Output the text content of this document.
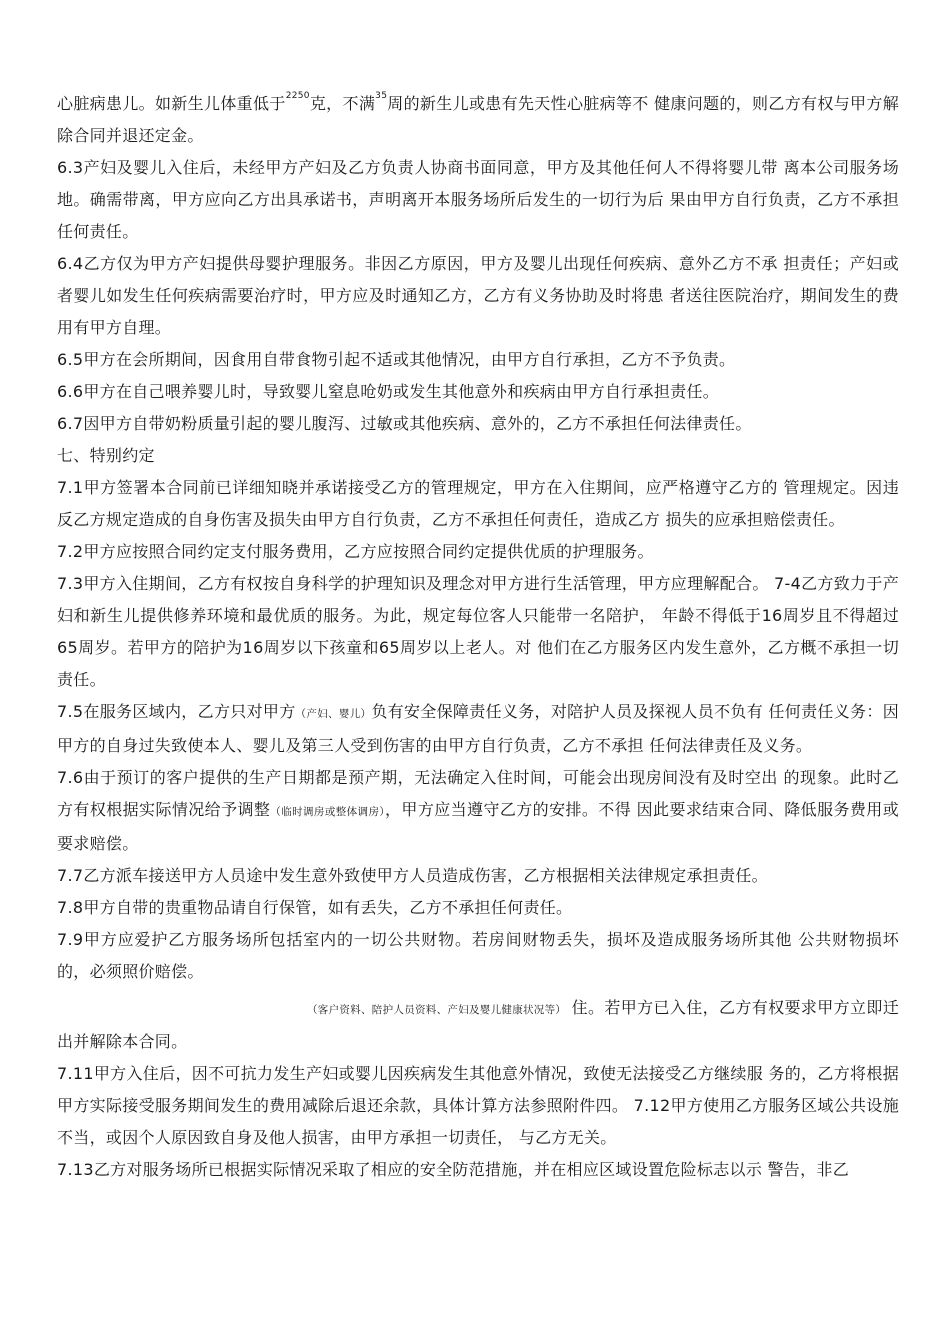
心脏病患儿。如新生儿体重低于$^{2250}$克，不满$^{35}$周的新生儿或患有先天性心脏病等不 健康问题的，则乙方有权与甲方解除合同并退还定金。

6.3产妇及婴儿入住后，未经甲方产妇及乙方负责人协商书面同意，甲方及其他任何人不得将婴儿带 离本公司服务场地。确需带离，甲方应向乙方出具承诺书，声明离开本服务场所后发生的一切行为后 果由甲方自行负责，乙方不承担任何责任。

6.4乙方仅为甲方产妇提供母婴护理服务。非因乙方原因，甲方及婴儿出现任何疾病、意外乙方不承 担责任；产妇或者婴儿如发生任何疾病需要治疗时，甲方应及时通知乙方，乙方有义务协助及时将患 者送往医院治疗，期间发生的费用有甲方自理。

6.5甲方在会所期间，因食用自带食物引起不适或其他情况，由甲方自行承担，乙方不予负责。

6.6甲方在自己喂养婴儿时，导致婴儿窒息呛奶或发生其他意外和疾病由甲方自行承担责任。

6.7因甲方自带奶粉质量引起的婴儿腹泻、过敏或其他疾病、意外的，乙方不承担任何法律责任。

七、特别约定

7.1甲方签署本合同前已详细知晓并承诺接受乙方的管理规定，甲方在入住期间，应严格遵守乙方的 管理规定。因违反乙方规定造成的自身伤害及损失由甲方自行负责，乙方不承担任何责任，造成乙方 损失的应承担赔偿责任。

7.2甲方应按照合同约定支付服务费用，乙方应按照合同约定提供优质的护理服务。

7.3甲方入住期间，乙方有权按自身科学的护理知识及理念对甲方进行生活管理，甲方应理解配合。 7-4乙方致力于产妇和新生儿提供修养环境和最优质的服务。为此，规定每位客人只能带一名陪护， 年龄不得低于16周岁且不得超过65周岁。若甲方的陪护为16周岁以下孩童和65周岁以上老人。对 他们在乙方服务区内发生意外，乙方概不承担一切责任。

7.5在服务区域内，乙方只对甲方（产妇、婴儿）负有安全保障责任义务，对陪护人员及探视人员不负有 任何责任义务：因甲方的自身过失致使本人、婴儿及第三人受到伤害的由甲方自行负责，乙方不承担 任何法律责任及义务。

7.6由于预订的客户提供的生产日期都是预产期，无法确定入住时间，可能会出现房间没有及时空出 的现象。此时乙方有权根据实际情况给予调整（临时调房或整体调房），甲方应当遵守乙方的安排。不得 因此要求结束合同、降低服务费用或要求赔偿。

7.7乙方派车接送甲方人员途中发生意外致使甲方人员造成伤害，乙方根据相关法律规定承担责任。

7.8甲方自带的贵重物品请自行保管，如有丢失，乙方不承担任何责任。

7.9甲方应爱护乙方服务场所包括室内的一切公共财物。若房间财物丢失，损坏及造成服务场所其他 公共财物损坏的，必须照价赔偿。

（客户资料、陪护人员资料、产妇及婴儿健康状况等） 住。若甲方已入住，乙方有权要求甲方立即迁出并解除本合同。

7.11甲方入住后，因不可抗力发生产妇或婴儿因疾病发生其他意外情况，致使无法接受乙方继续服 务的，乙方将根据甲方实际接受服务期间发生的费用减除后退还余款，具体计算方法参照附件四。 7.12甲方使用乙方服务区域公共设施不当，或因个人原因致自身及他人损害，由甲方承担一切责任， 与乙方无关。

7.13乙方对服务场所已根据实际情况采取了相应的安全防范措施，并在相应区域设置危险标志以示 警告，非乙
